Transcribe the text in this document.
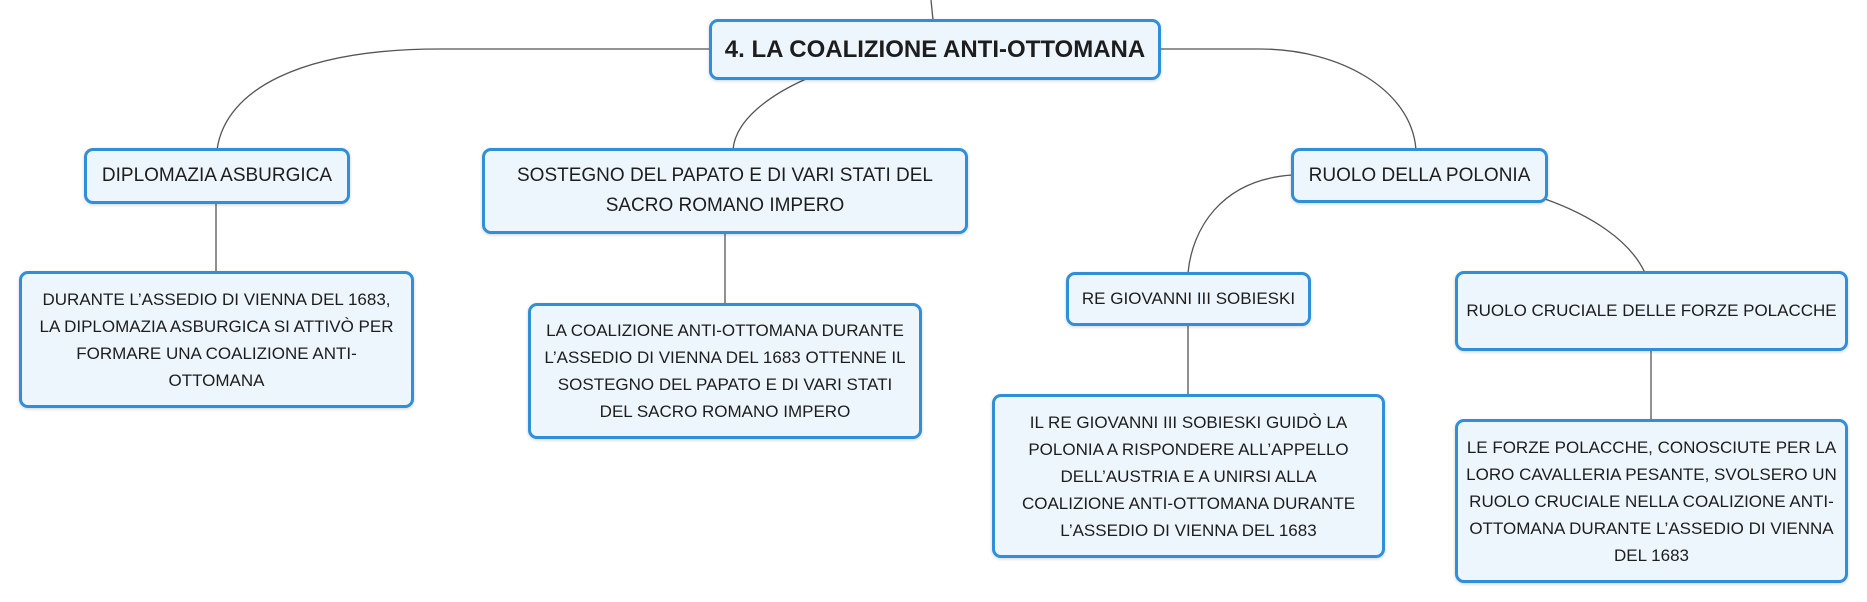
4. LA COALIZIONE ANTI-OTTOMANA
DIPLOMAZIA ASBURGICA	SOSTEGNO DEL PAPATO E DI VARI STATI DEL SACRO ROMANO IMPERO
RUOLO DELLA POLONIA
DURANTE L’ASSEDIO DI VIENNA DEL 1683, LA DIPLOMAZIA ASBURGICA SI ATTIVÒ PER FORMARE UNA COALIZIONE ANTI-OTTOMANA
LA COALIZIONE ANTI-OTTOMANA DURANTE L’ASSEDIO DI VIENNA DEL 1683 OTTENNE IL SOSTEGNO DEL PAPATO E DI VARI STATI DEL SACRO ROMANO IMPERO
RE GIOVANNI III SOBIESKI
RUOLO CRUCIALE DELLE FORZE POLACCHE
IL RE GIOVANNI III SOBIESKI GUIDÒ LA POLONIA A RISPONDERE ALL’APPELLO DELL’AUSTRIA E A UNIRSI ALLA COALIZIONE ANTI-OTTOMANA DURANTE L’ASSEDIO DI VIENNA DEL 1683
LE FORZE POLACCHE, CONOSCIUTE PER LA LORO CAVALLERIA PESANTE, SVOLSERO UN RUOLO CRUCIALE NELLA COALIZIONE ANTI-OTTOMANA DURANTE L’ASSEDIO DI VIENNA DEL 1683
